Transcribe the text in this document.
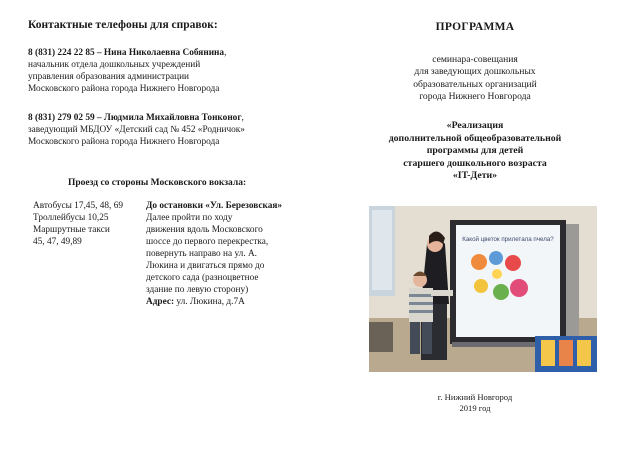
Контактные телефоны для справок:
8 (831) 224 22 85 – Нина Николаевна Собянина,
начальник отдела дошкольных учреждений
управления образования администрации
Московского района города Нижнего Новгорода
8 (831) 279 02 59 – Людмила Михайловна Тонконог,
заведующий МБДОУ «Детский сад № 452 «Родничок»
Московского района города Нижнего Новгорода
Проезд со стороны Московского вокзала:
Автобусы 17,45, 48, 69
Троллейбусы 10,25
Маршрутные такси
45, 47, 49,89
До остановки «Ул. Березовская»
Далее пройти по ходу
движения вдоль Московского
шоссе до первого перекрестка,
повернуть направо на ул. А.
Люкина и двигаться прямо до
детского сада (разноцветное
здание по левую сторону)
Адрес: ул. Люкина, д.7А
ПРОГРАММА
семинара-совещания
для заведующих дошкольных
образовательных организаций
города Нижнего Новгорода
«Реализация
дополнительной общеобразовательной
программы для детей
старшего дошкольного возраста
«IT-Дети»
Какой цветок прилетала пчела?
г. Нижний Новгород
2019 год
